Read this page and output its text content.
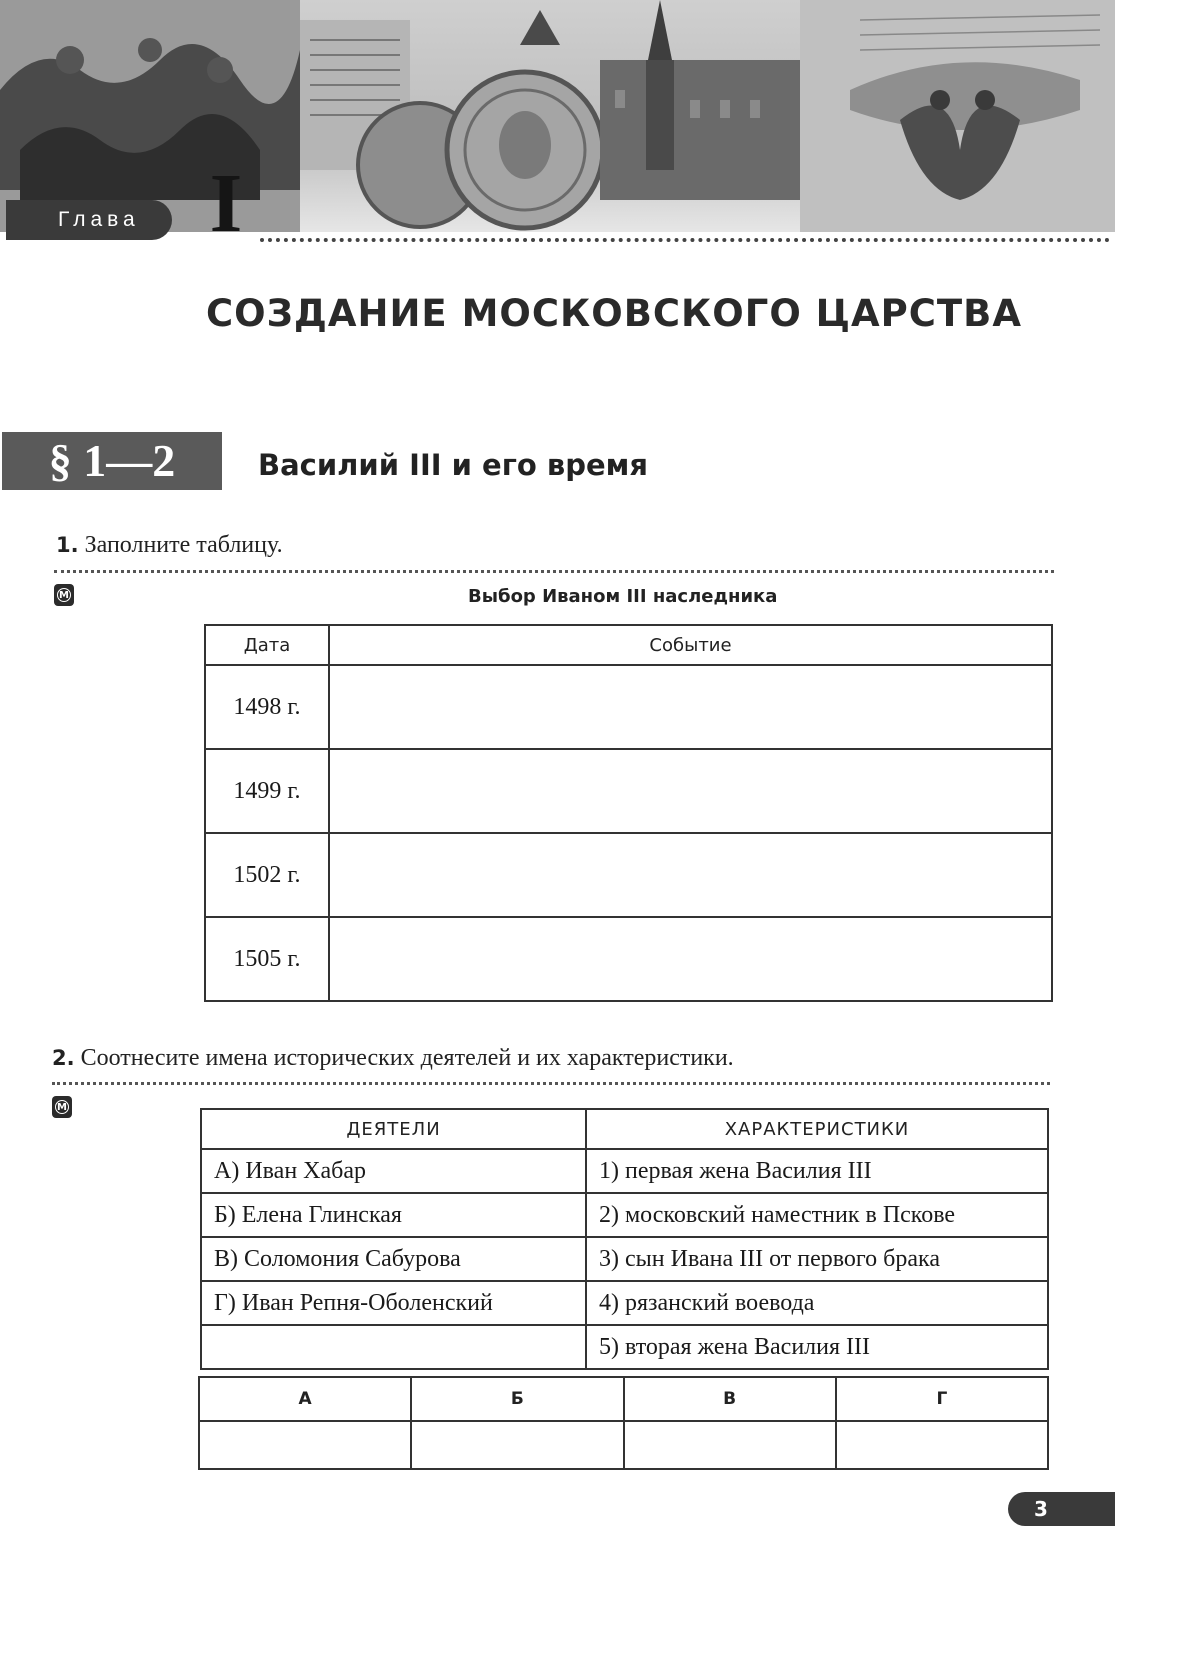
Глава I
СОЗДАНИЕ МОСКОВСКОГО ЦАРСТВА
§ 1—2	Василий III и его время
1. Заполните таблицу.
М	Выбор Иваном III наследника
Дата	Событие
1498 г.	
1499 г.	
1502 г.	
1505 г.	
2. Соотнесите имена исторических деятелей и их характеристики.
М
ДЕЯТЕЛИ	ХАРАКТЕРИСТИКИ
А) Иван Хабар	1) первая жена Василия III
Б) Елена Глинская	2) московский наместник в Пскове
В) Соломония Сабурова	3) сын Ивана III от первого брака
Г) Иван Репня-Оболенский	4) рязанский воевода
	5) вторая жена Василия III
А	Б	В	Г

3
